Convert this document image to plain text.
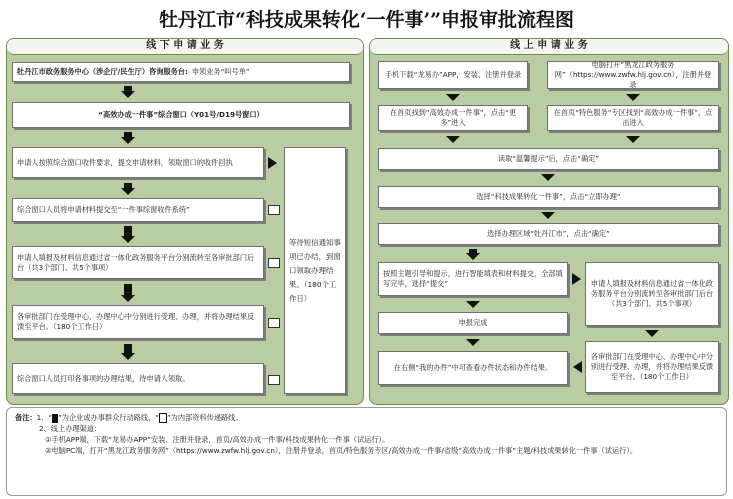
牡丹江市“科技成果转化‘一件事’”申报审批流程图
线 下 申 请 业 务
牡丹江市政务服务中心（涉企厅/民生厅）咨询服务台: 申领业务“叫号单”
“高效办成一件事”综合窗口（Y01号/D19号窗口）
申请人按照综合窗口收件要求，提交申请材料，领取窗口的收件回执
综合窗口人员将申请材料提交至“一件事综窗收件系统”
申请人填报及材料信息通过省一体化政务服务平台分别流转至各审批部门后台（共3个部门、共5个事项）
各审批部门在受理中心、办理中心中分别进行受理、办理，并将办理结果反馈至平台。（180个工作日）
综合窗口人员打印各事项的办理结果，待申请人领取。
等待短信通知事项已办结，到窗口领取办理结果。（180个工作日）
线 上 申 请 业 务
手机下载“龙易办”APP，安装、注册并登录
电脑打开“黑龙江政务服务网”（https://www.zwfw.hlj.gov.cn），注册并登录
在首页找到“高效办成一件事”，点击“更多”进入
在首页“特色服务”专区找到“高效办成一件事”，点击进入
读取“温馨提示”后，点击“确定”
选择“科技成果转化一件事”，点击“立即办理”
选择办理区域“牡丹江市”，点击“确定”
按照主题引导和提示，进行智能填表和材料提交，全部填写完毕，选择“提交”	申请人填报及材料信息通过省一体化政务服务平台分别流转至各审批部门后台（共3个部门、共5个事项）
申报完成
各审批部门在受理中心、办理中心中分别进行受理、办理，并将办理结果反馈至平台。（180个工作日）
在右侧“我的办件”中可查看办件状态和办件结果。
备注：1、“ ”为企业或办事群众行动路线，“ ”为内部资料传递路线。
2、线上办理渠道：
①手机APP端，下载“龙易办APP”安装、注册并登录，首页/高效办成一件事/科技成果转化一件事（试运行）。
②电脑PC端，打开“黑龙江政务服务网”（https://www.zwfw.hlj.gov.cn），注册并登录，首页/特色服务专区/高效办成一件事/省级“高效办成一件事”主题/科技成果转化一件事（试运行）。
